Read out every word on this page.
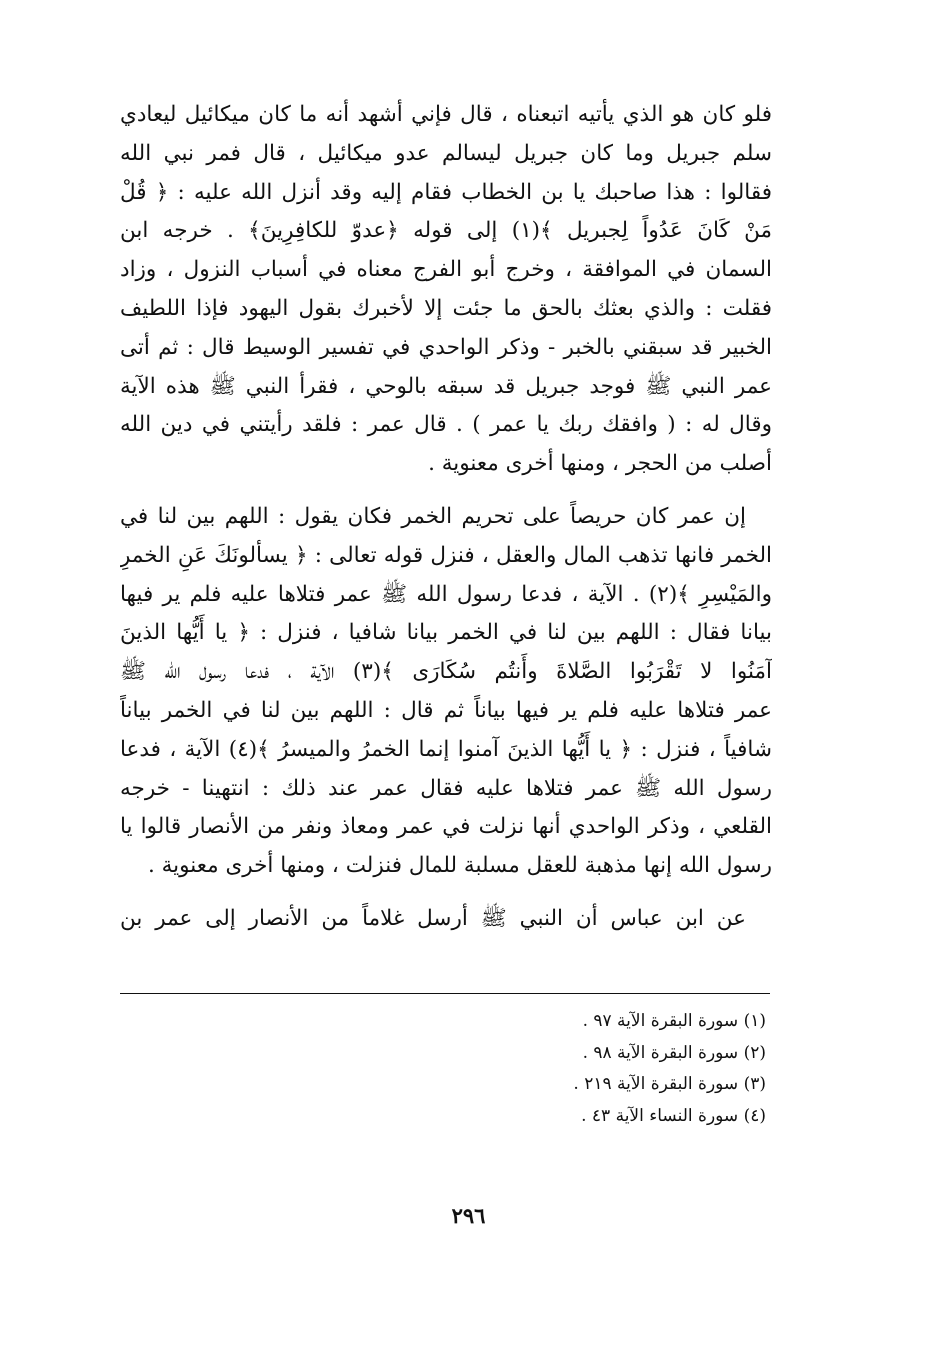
فلو كان هو الذي يأتيه اتبعناه ، قال فإني أشهد أنه ما كان ميكائيل ليعادي
سلم جبريل وما كان جبريل ليسالم عدو ميكائيل ، قال فمر نبي الله
فقالوا : هذا صاحبك يا بن الخطاب فقام إليه وقد أنزل الله عليه : ﴿ قُلْ
مَنْ كَانَ عَدُواً لِجبريل ﴾(١) إلى قوله ﴿عدوّ للكافِرِينَ﴾ . خرجه ابن
السمان في الموافقة ، وخرج أبو الفرج معناه في أسباب النزول ، وزاد
فقلت : والذي بعثك بالحق ما جئت إلا لأخبرك بقول اليهود فإذا اللطيف
الخبير قد سبقني بالخبر - وذكر الواحدي في تفسير الوسيط قال : ثم أتى
عمر النبي ﷺ فوجد جبريل قد سبقه بالوحي ، فقرأ النبي ﷺ هذه الآية
وقال له : ( وافقك ربك يا عمر ) . قال عمر : فلقد رأيتني في دين الله
أصلب من الحجر ، ومنها أخرى معنوية .
إن عمر كان حريصاً على تحريم الخمر فكان يقول : اللهم بين لنا في
الخمر فانها تذهب المال والعقل ، فنزل قوله تعالى : ﴿ يسألونَكَ عَنِ الخمرِ
والمَيْسِرِ ﴾(٢) . الآية ، فدعا رسول الله ﷺ عمر فتلاها عليه فلم ير فيها
بيانا فقال : اللهم بين لنا في الخمر بيانا شافيا ، فنزل : ﴿ يا أَيُّها الذينَ
آمَنُوا لا تَقْرَبُوا الصَّلاةَ وأَنتُم سُكَارَى ﴾(٣) الآية ، فدعا رسول الله ﷺ
عمر فتلاها عليه فلم ير فيها بياناً ثم قال : اللهم بين لنا في الخمر بياناً
شافياً ، فنزل : ﴿ يا أَيُّها الذينَ آمنوا إنما الخمرُ والميسرُ ﴾(٤) الآية ، فدعا
رسول الله ﷺ عمر فتلاها عليه فقال عمر عند ذلك : انتهينا - خرجه
القلعي ، وذكر الواحدي أنها نزلت في عمر ومعاذ ونفر من الأنصار قالوا يا
رسول الله إنها مذهبة للعقل مسلبة للمال فنزلت ، ومنها أخرى معنوية .
عن ابن عباس أن النبي ﷺ أرسل غلاماً من الأنصار إلى عمر بن
(١) سورة البقرة الآية ٩٧ .
(٢) سورة البقرة الآية ٩٨ .
(٣) سورة البقرة الآية ٢١٩ .
(٤) سورة النساء الآية ٤٣ .
٢٩٦
